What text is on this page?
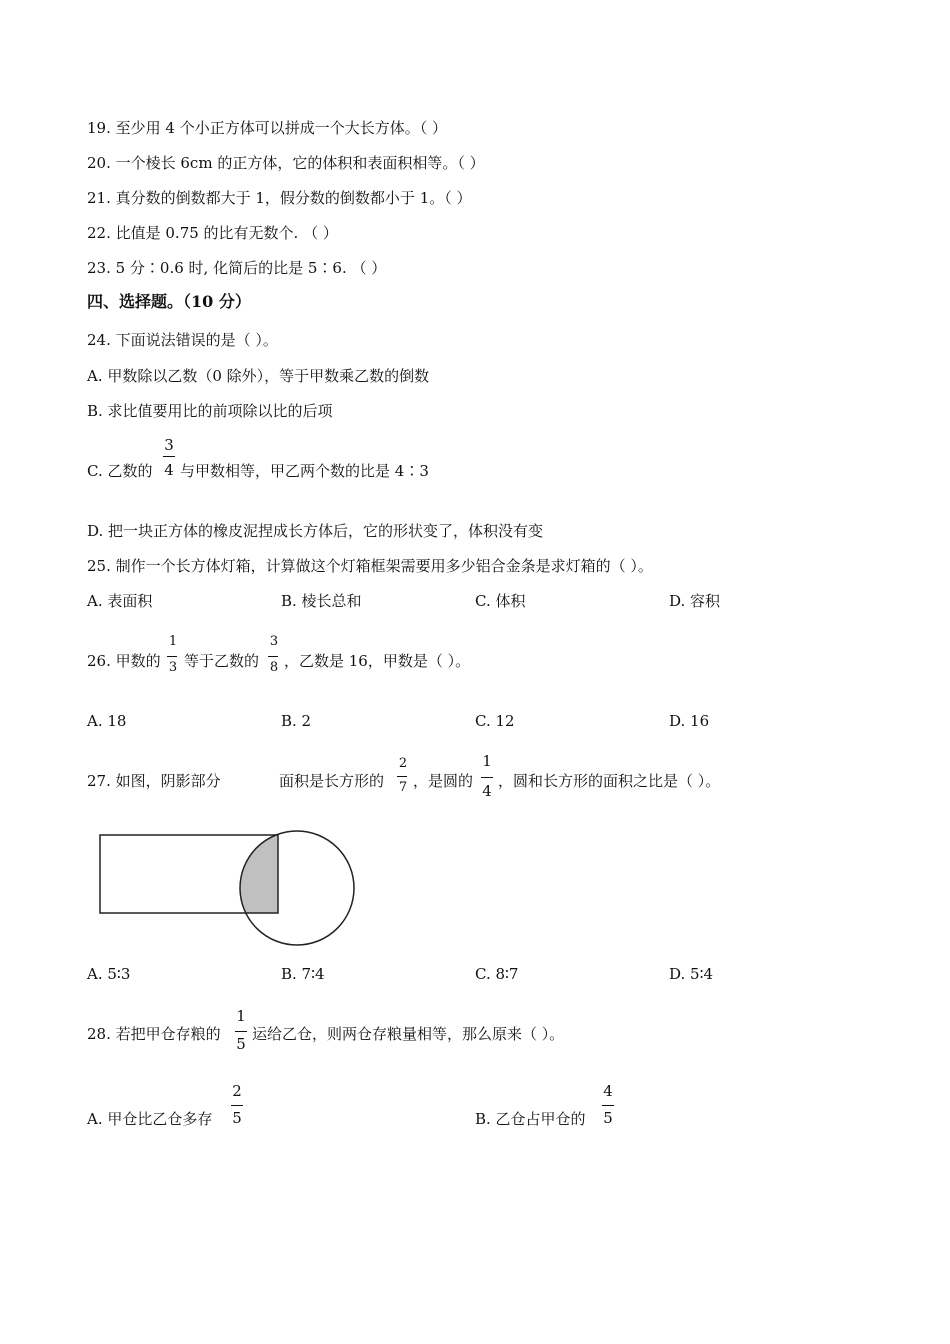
19. 至少用 4 个小正方体可以拼成一个大长方体。（ ）
20. 一个棱长 6cm 的正方体，它的体积和表面积相等。（ ）
21. 真分数的倒数都大于 1，假分数的倒数都小于 1。（ ）
22. 比值是 0.75 的比有无数个. （ ）
23. 5 分∶0.6 时, 化简后的比是 5∶6. （ ）
四、选择题。（10 分）
24. 下面说法错误的是（ ）。
A. 甲数除以乙数（0 除外），等于甲数乘乙数的倒数
B. 求比值要用比的前项除以比的后项
C. 乙数的
3
4 与甲数相等，甲乙两个数的比是 4∶3
D. 把一块正方体的橡皮泥捏成长方体后，它的形状变了，体积没有变
25. 制作一个长方体灯箱，计算做这个灯箱框架需要用多少铝合金条是求灯箱的（ ）。
A. 表面积	B. 棱长总和	C. 体积	D. 容积
26. 甲数的
1
3 等于乙数的
3
8 ，乙数是 16，甲数是（ ）。
A. 18	B. 2	C. 12	D. 16
27. 如图，阴影部分	面积是长方形的
2
7 ，是圆的
1
4
，圆和长方形的面积之比是（ ）。
A. 5∶3	B. 7∶4	C. 8∶7	D. 5∶4
28. 若把甲仓存粮的
1
5
运给乙仓，则两仓存粮量相等，那么原来（ ）。
A. 甲仓比乙仓多存
2
5	B. 乙仓占甲仓的
4
5
